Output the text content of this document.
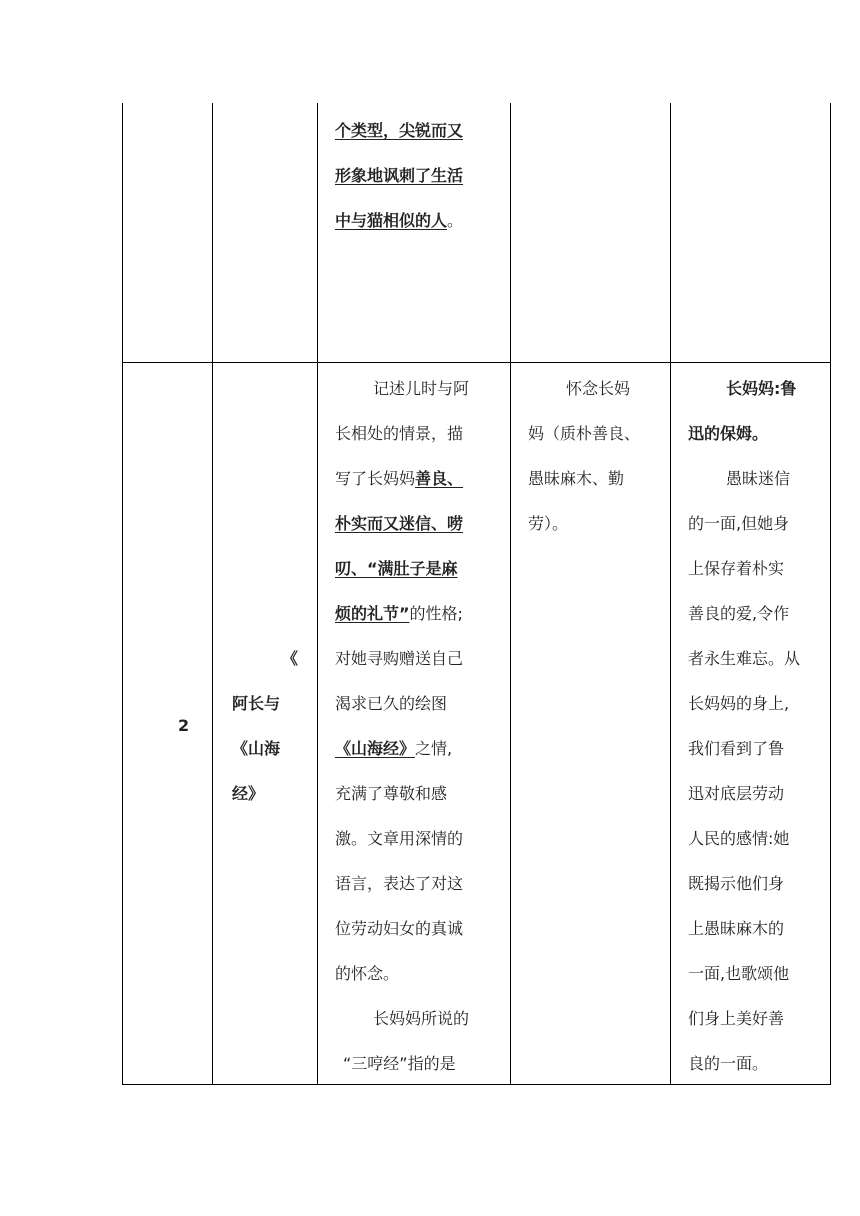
个类型，尖锐而又
形象地讽刺了生活
中与猫相似的人。
2
《
阿长与
《山海
经》
记述儿时与阿
长相处的情景，描
写了长妈妈善良、
朴实而又迷信、唠
叨、“满肚子是麻
烦的礼节”的性格;
对她寻购赠送自己
渴求已久的绘图
《山海经》之情,
充满了尊敬和感
激。文章用深情的
语言，表达了对这
位劳动妇女的真诚
的怀念。
长妈妈所说的
“三哼经”指的是
怀念长妈
妈（质朴善良、
愚昧麻木、勤
劳）。
长妈妈:鲁
迅的保姆。
愚昧迷信
的一面,但她身
上保存着朴实
善良的爱,令作
者永生难忘。从
长妈妈的身上,
我们看到了鲁
迅对底层劳动
人民的感情:她
既揭示他们身
上愚昧麻木的
一面,也歌颂他
们身上美好善
良的一面。
